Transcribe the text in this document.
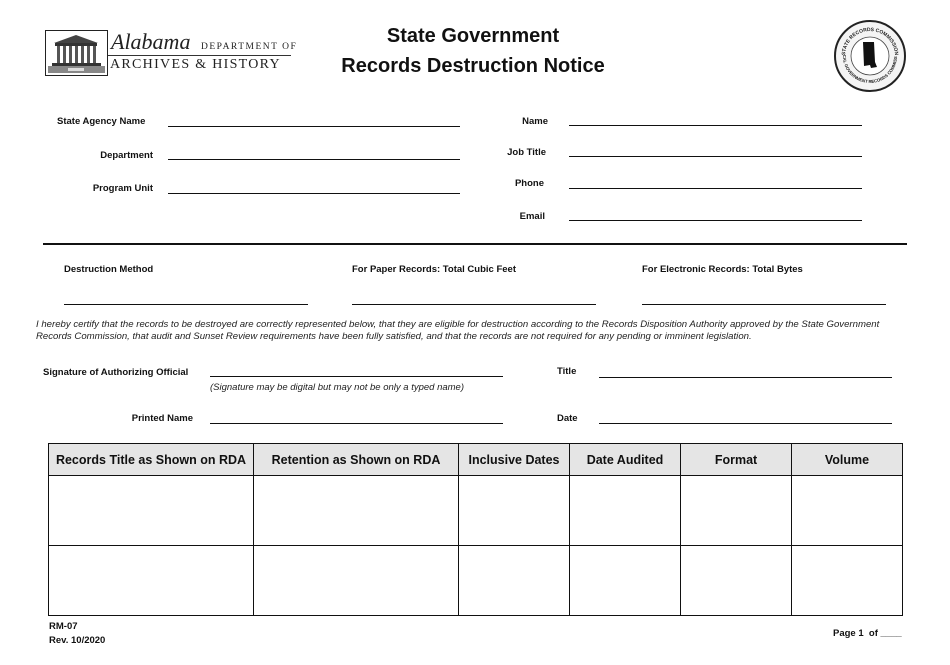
Alabama DEPARTMENT OF
ARCHIVES & HISTORY
State Government
Records Destruction Notice
STATE RECORDS COMMISSION
CAL GOVERNMENT RECORDS COMMISS
State Agency Name
Department
Program Unit
Name
Job Title
Phone
Email
Destruction Method	For Paper Records: Total Cubic Feet	For Electronic Records: Total Bytes
I hereby certify that the records to be destroyed are correctly represented below, that they are eligible for destruction according to the Records Disposition Authority approved by the State Government Records Commission, that audit and Sunset Review requirements have been fully satisfied, and that the records are not required for any pending or imminent legislation.
Signature of Authorizing Official
(Signature may be digital but may not be only a typed name)
Printed Name
Title
Date
Records Title as Shown on RDA	Retention as Shown on RDA	Inclusive Dates	Date Audited	Format	Volume

RM-07
Rev. 10/2020
Page 1  of ____
